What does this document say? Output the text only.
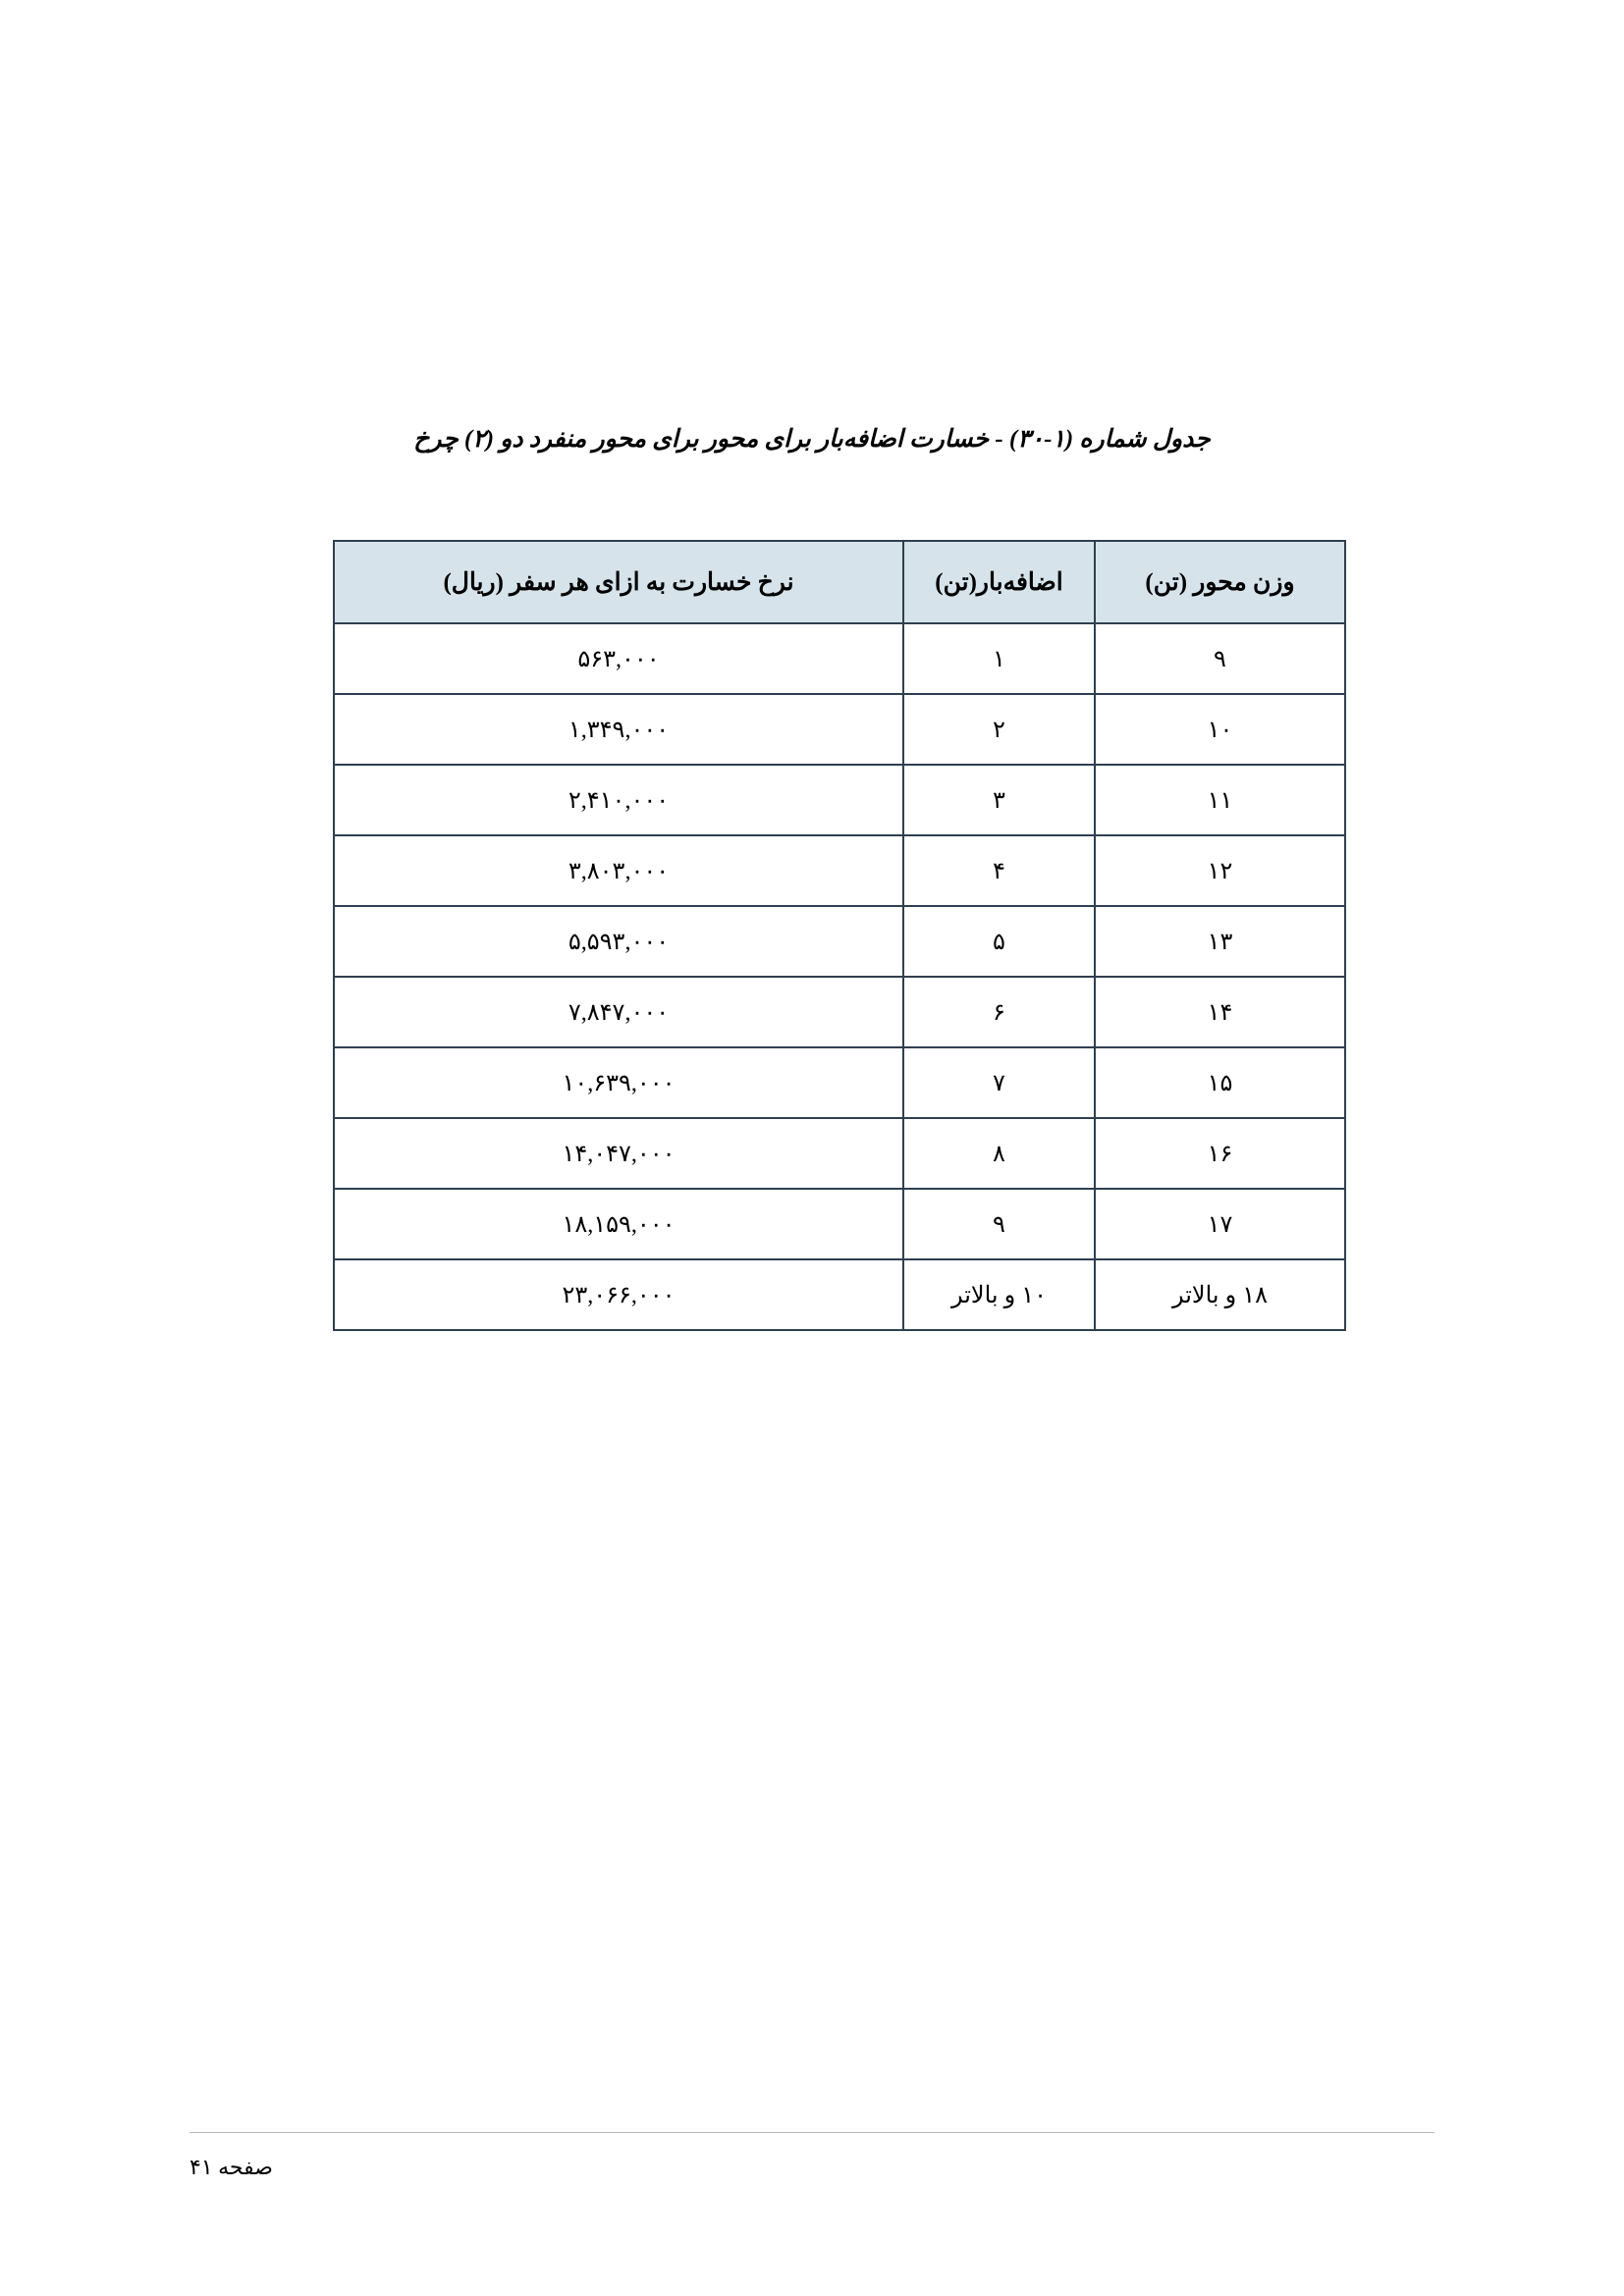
جدول شماره (۱-۳۰) - خسارت اضافه‌بار برای محور برای محور منفرد دو (۲) چرخ
وزن محور (تن)	اضافه‌بار(تن)	نرخ خسارت به ازای هر سفر (ریال)
۹	۱	۵۶۳,۰۰۰
۱۰	۲	۱,۳۴۹,۰۰۰
۱۱	۳	۲,۴۱۰,۰۰۰
۱۲	۴	۳,۸۰۳,۰۰۰
۱۳	۵	۵,۵۹۳,۰۰۰
۱۴	۶	۷,۸۴۷,۰۰۰
۱۵	۷	۱۰,۶۳۹,۰۰۰
۱۶	۸	۱۴,۰۴۷,۰۰۰
۱۷	۹	۱۸,۱۵۹,۰۰۰
۱۸ و بالاتر	۱۰ و بالاتر	۲۳,۰۶۶,۰۰۰
صفحه ۴۱
